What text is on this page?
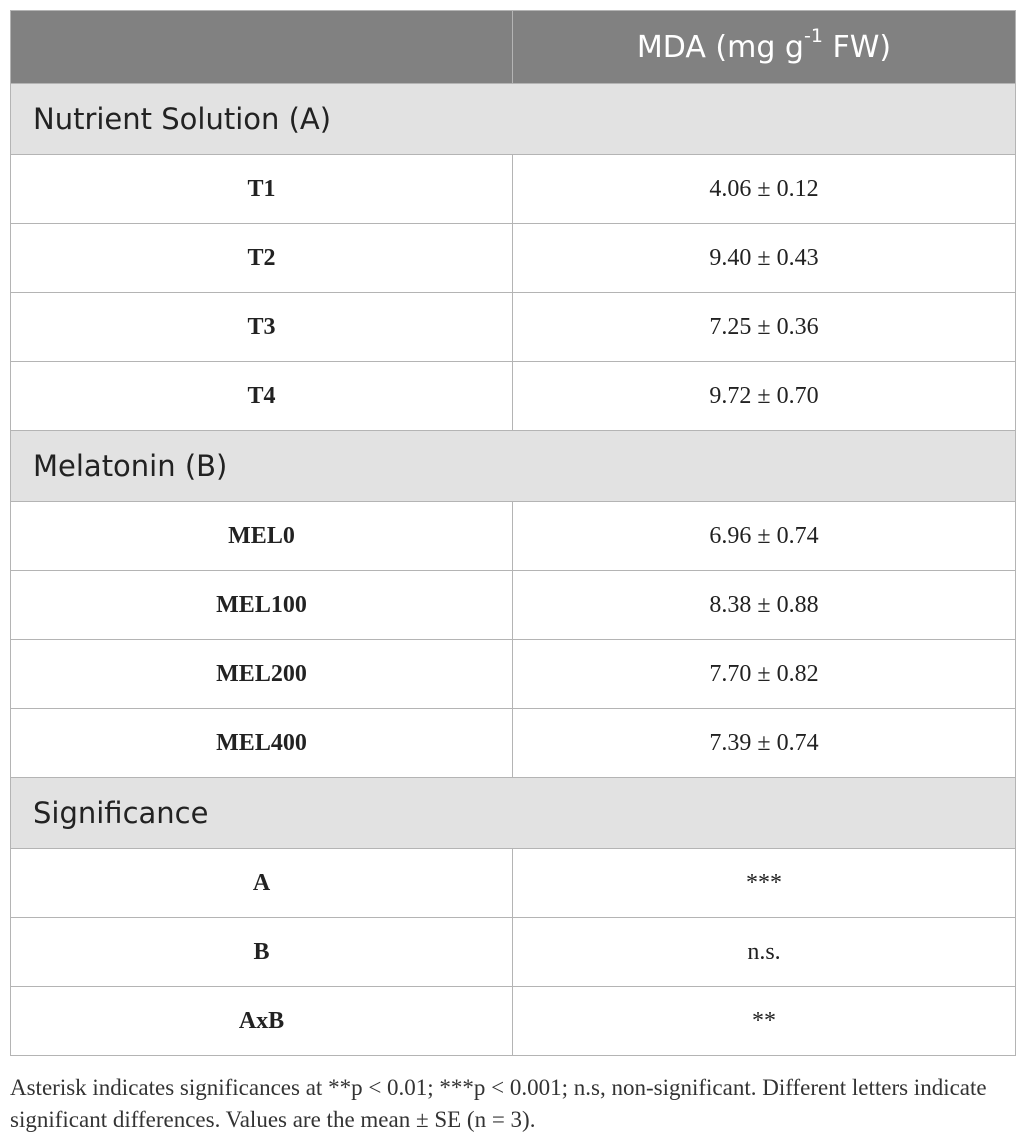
	MDA (mg $g^{-1}$ FW)
Nutrient Solution (A)	
T1	4.06 ± 0.12
T2	9.40 ± 0.43
T3	7.25 ± 0.36
T4	9.72 ± 0.70
Melatonin (B)	
MEL0	6.96 ± 0.74
MEL100	8.38 ± 0.88
MEL200	7.70 ± 0.82
MEL400	7.39 ± 0.74
Significance	
A	***
B	n.s.
AxB	**
Asterisk indicates significances at **p < 0.01; ***p < 0.001; n.s, non-significant. Different letters indicate significant differences. Values are the mean ± SE (n = 3).
